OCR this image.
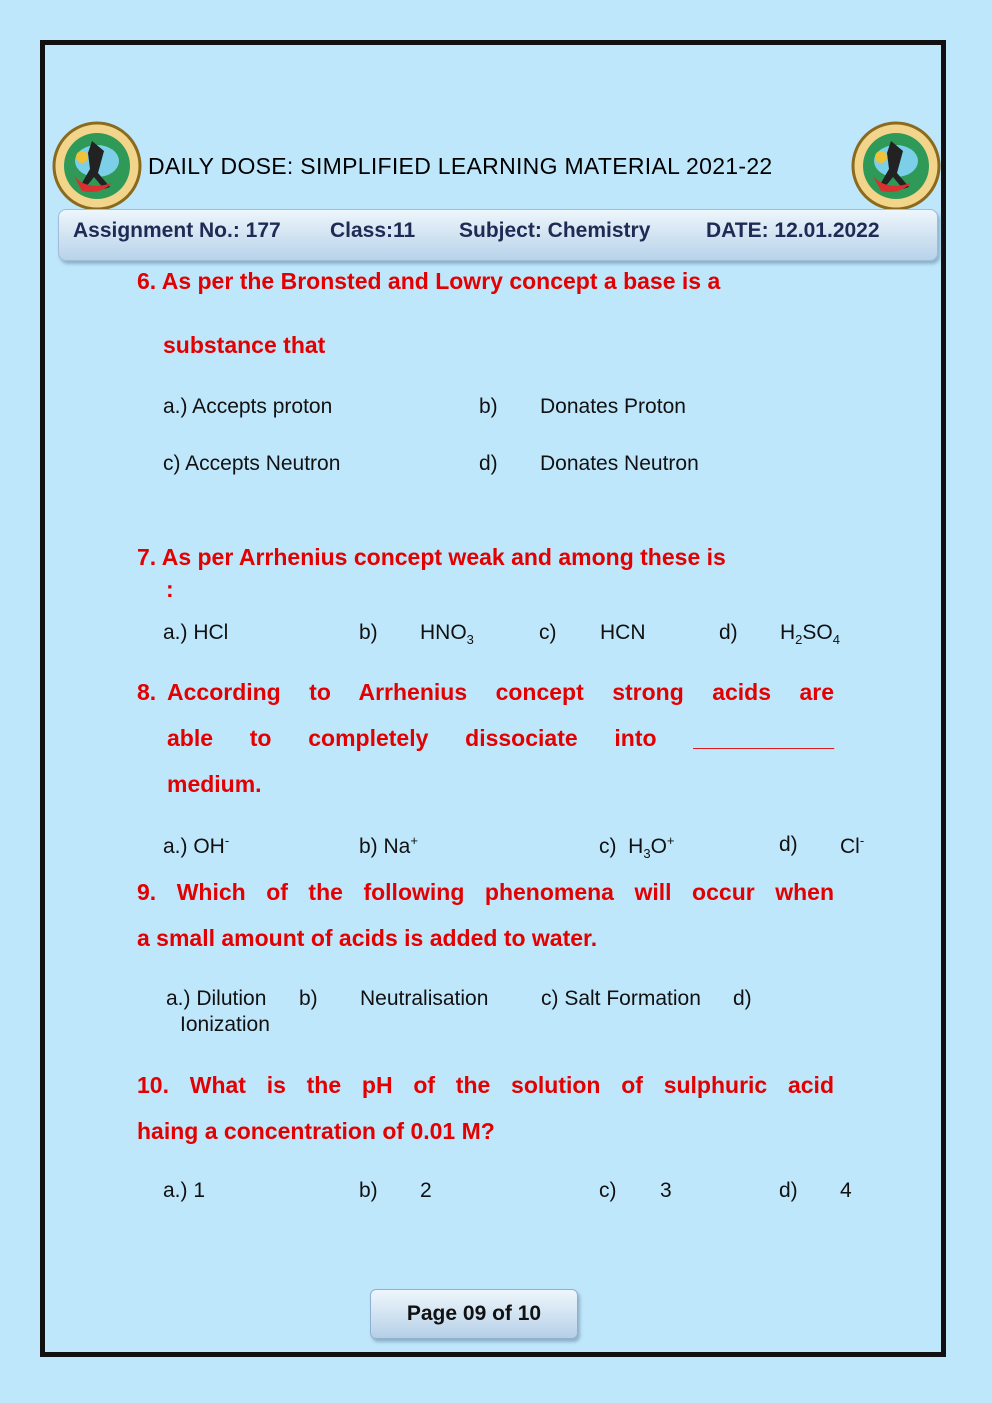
DAILY DOSE: SIMPLIFIED LEARNING MATERIAL 2021-22
Assignment No.: 177 Class:11 Subject: Chemistry	DATE: 12.01.2022
6. As per the Bronsted and Lowry concept a base is a
substance that
a.) Accepts proton	b) Donates Proton
c) Accepts Neutron	d) Donates Neutron
7. As per Arrhenius concept weak and among these is
:
a.) HCl	b) $HNO_3$	c) HCN	d) $H_2SO_4$
8. According to Arrhenius concept strong acids are
able to completely dissociate into ___________
medium.
a.) OH-	b) Na+	c) $H_3O^+$	d) Cl-
9. Which of the following phenomena will occur when
a small amount of acids is added to water.
a.) Dilution b) Neutralisation	c) Salt Formation d)
Ionization
10. What is the pH of the solution of sulphuric acid
haing a concentration of 0.01 M?
a.) 1	b) 2	c) 3	d) 4
Page 09 of 10
